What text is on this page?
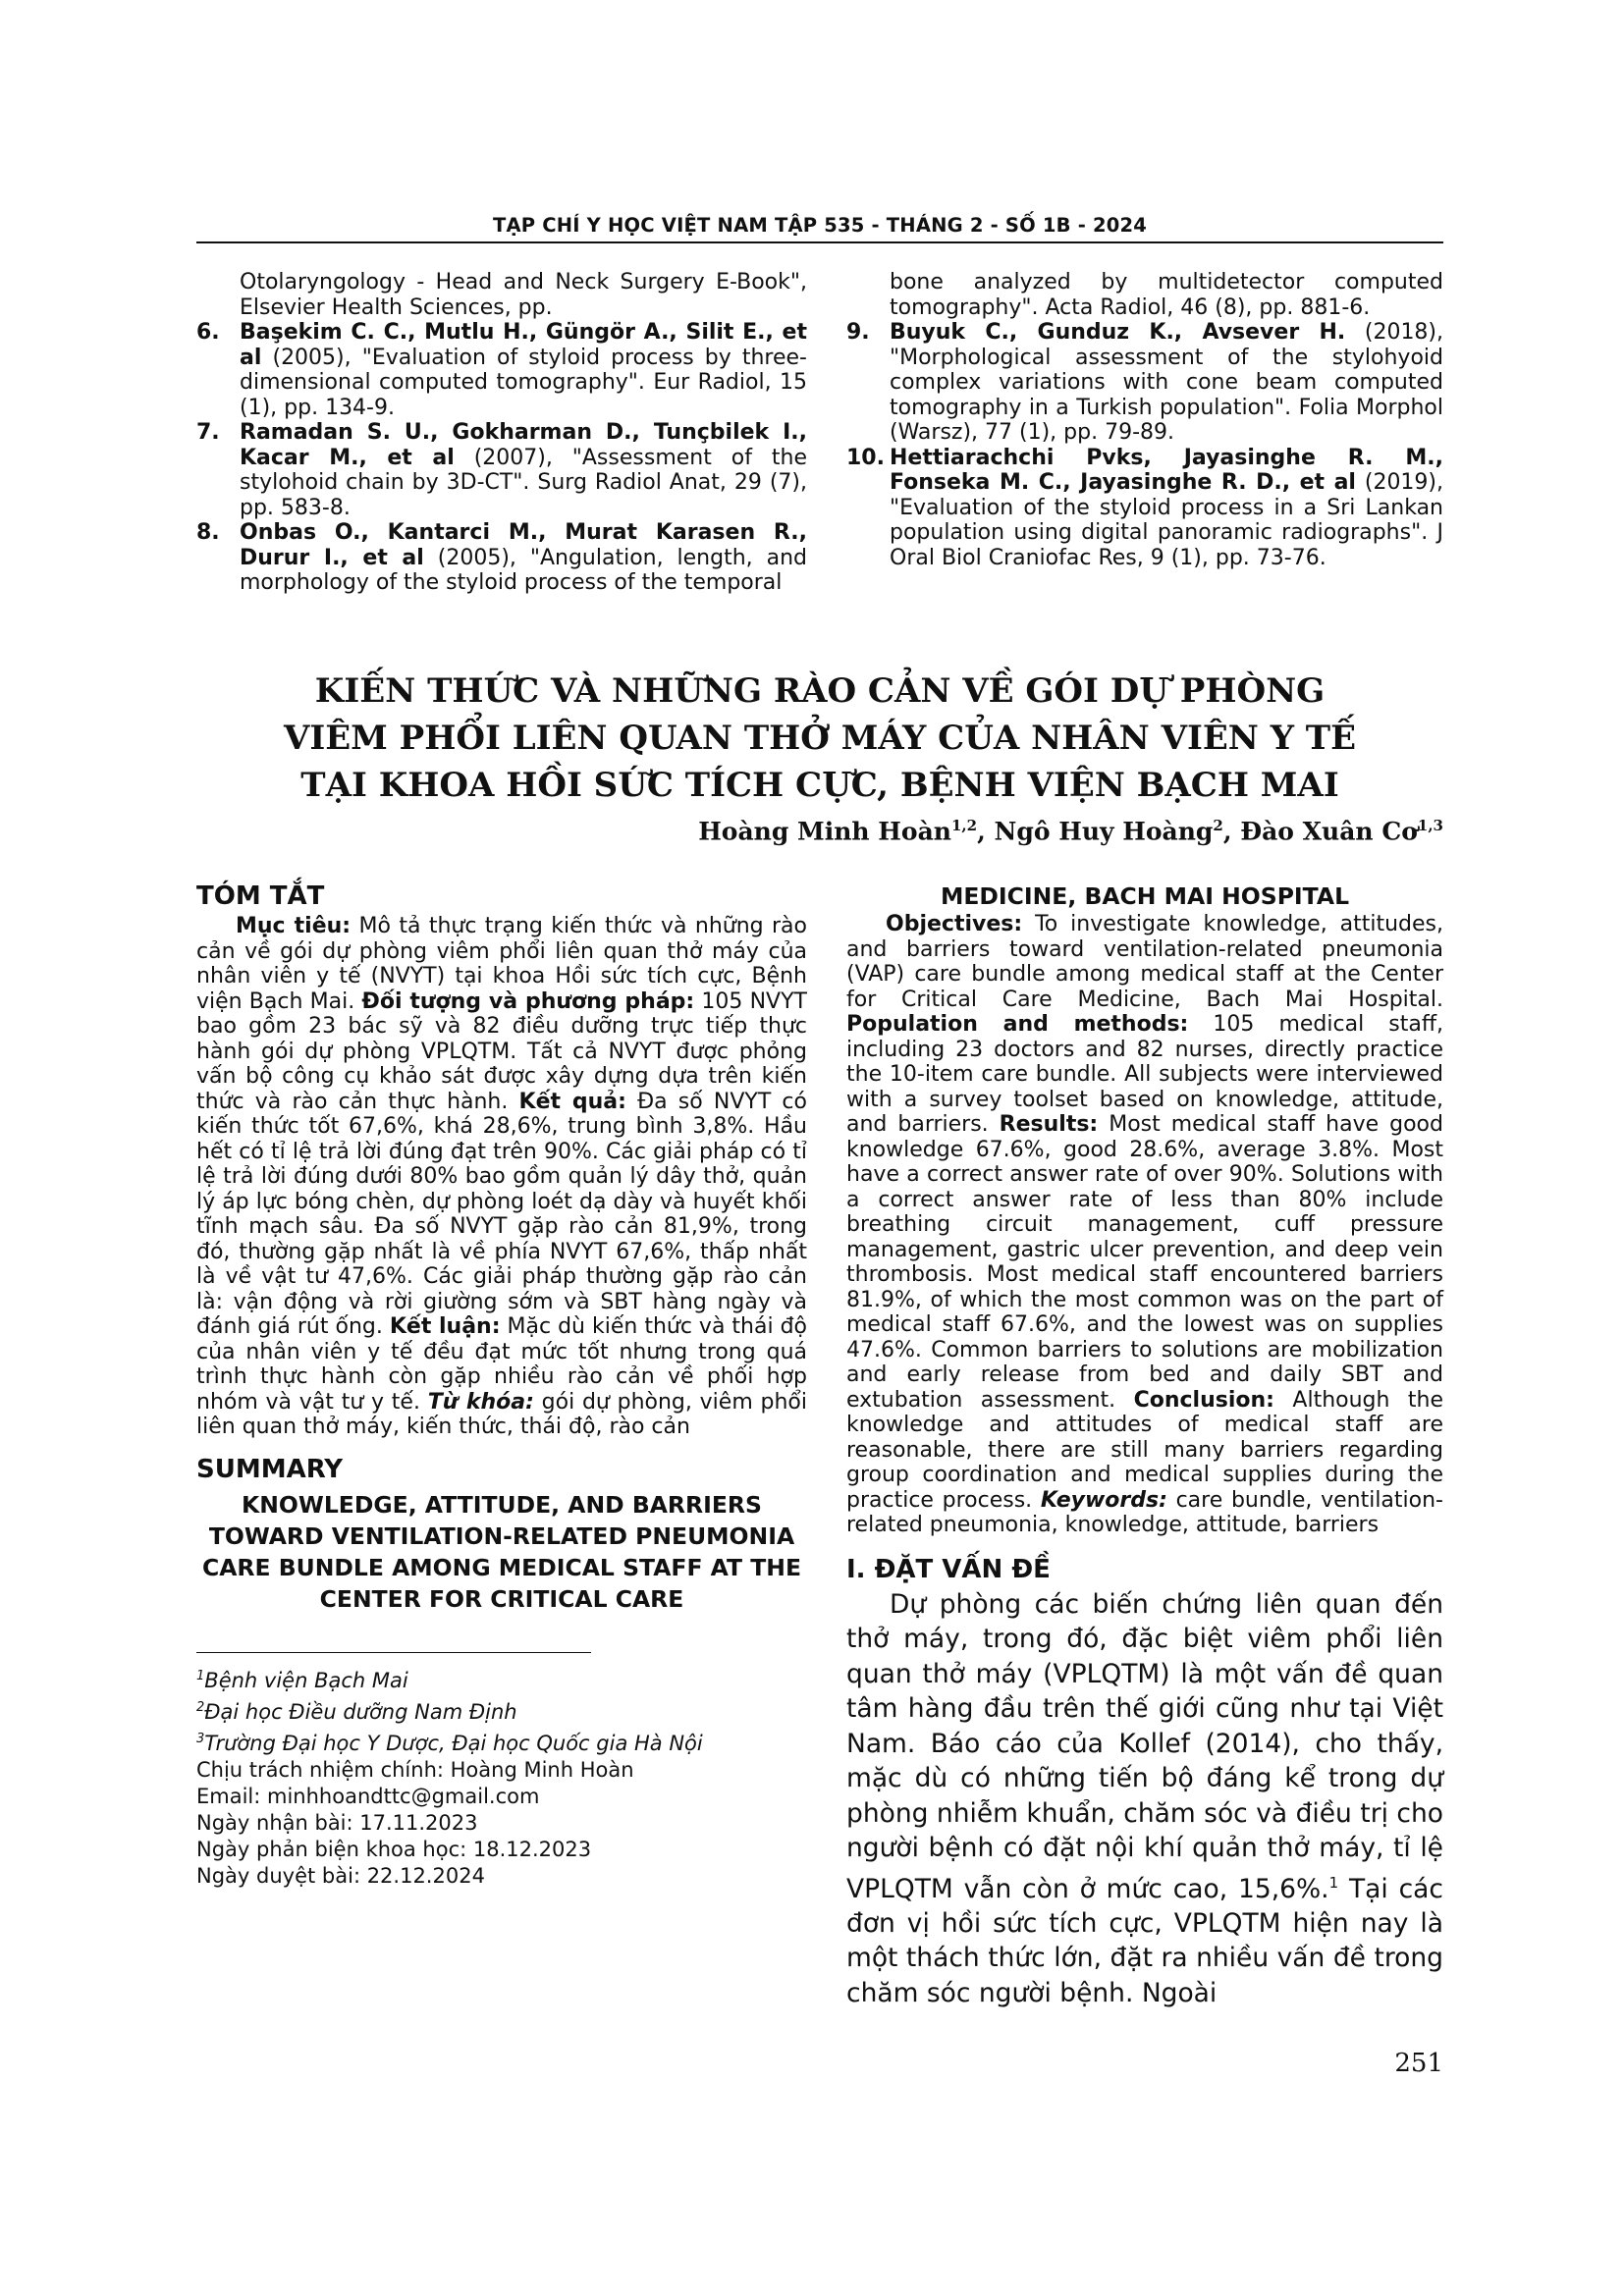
TẠP CHÍ Y HỌC VIỆT NAM TẬP 535 - THÁNG 2 - SỐ 1B - 2024
Otolaryngology - Head and Neck Surgery E-Book", Elsevier Health Sciences, pp.
6. Başekim C. C., Mutlu H., Güngör A., Silit E., et al (2005), "Evaluation of styloid process by three-dimensional computed tomography". Eur Radiol, 15 (1), pp. 134-9.
7. Ramadan S. U., Gokharman D., Tunçbilek I., Kacar M., et al (2007), "Assessment of the stylohoid chain by 3D-CT". Surg Radiol Anat, 29 (7), pp. 583-8.
8. Onbas O., Kantarci M., Murat Karasen R., Durur I., et al (2005), "Angulation, length, and morphology of the styloid process of the temporal
bone analyzed by multidetector computed tomography". Acta Radiol, 46 (8), pp. 881-6.
9. Buyuk C., Gunduz K., Avsever H. (2018), "Morphological assessment of the stylohyoid complex variations with cone beam computed tomography in a Turkish population". Folia Morphol (Warsz), 77 (1), pp. 79-89.
10. Hettiarachchi Pvks, Jayasinghe R. M., Fonseka M. C., Jayasinghe R. D., et al (2019), "Evaluation of the styloid process in a Sri Lankan population using digital panoramic radiographs". J Oral Biol Craniofac Res, 9 (1), pp. 73-76.
KIẾN THỨC VÀ NHỮNG RÀO CẢN VỀ GÓI DỰ PHÒNG
VIÊM PHỔI LIÊN QUAN THỞ MÁY CỦA NHÂN VIÊN Y TẾ
TẠI KHOA HỒI SỨC TÍCH CỰC, BỆNH VIỆN BẠCH MAI
Hoàng Minh Hoàn$^{1,2}$, Ngô Huy Hoàng$^2$, Đào Xuân Cơ$^{1,3}$
TÓM TẮT
Mục tiêu: Mô tả thực trạng kiến thức và những rào cản về gói dự phòng viêm phổi liên quan thở máy của nhân viên y tế (NVYT) tại khoa Hồi sức tích cực, Bệnh viện Bạch Mai. Đối tượng và phương pháp: 105 NVYT bao gồm 23 bác sỹ và 82 điều dưỡng trực tiếp thực hành gói dự phòng VPLQTM. Tất cả NVYT được phỏng vấn bộ công cụ khảo sát được xây dựng dựa trên kiến thức và rào cản thực hành. Kết quả: Đa số NVYT có kiến thức tốt 67,6%, khá 28,6%, trung bình 3,8%. Hầu hết có tỉ lệ trả lời đúng đạt trên 90%. Các giải pháp có tỉ lệ trả lời đúng dưới 80% bao gồm quản lý dây thở, quản lý áp lực bóng chèn, dự phòng loét dạ dày và huyết khối tĩnh mạch sâu. Đa số NVYT gặp rào cản 81,9%, trong đó, thường gặp nhất là về phía NVYT 67,6%, thấp nhất là về vật tư 47,6%. Các giải pháp thường gặp rào cản là: vận động và rời giường sớm và SBT hàng ngày và đánh giá rút ống. Kết luận: Mặc dù kiến thức và thái độ của nhân viên y tế đều đạt mức tốt nhưng trong quá trình thực hành còn gặp nhiều rào cản về phối hợp nhóm và vật tư y tế. Từ khóa: gói dự phòng, viêm phổi liên quan thở máy, kiến thức, thái độ, rào cản
SUMMARY
KNOWLEDGE, ATTITUDE, AND BARRIERS TOWARD VENTILATION-RELATED PNEUMONIA CARE BUNDLE AMONG MEDICAL STAFF AT THE CENTER FOR CRITICAL CARE
$^1$Bệnh viện Bạch Mai
$^2$Đại học Điều dưỡng Nam Định
$^3$Trường Đại học Y Dược, Đại học Quốc gia Hà Nội
Chịu trách nhiệm chính: Hoàng Minh Hoàn
Email: minhhoandttc@gmail.com
Ngày nhận bài: 17.11.2023
Ngày phản biện khoa học: 18.12.2023
Ngày duyệt bài: 22.12.2024
MEDICINE, BACH MAI HOSPITAL
Objectives: To investigate knowledge, attitudes, and barriers toward ventilation-related pneumonia (VAP) care bundle among medical staff at the Center for Critical Care Medicine, Bach Mai Hospital. Population and methods: 105 medical staff, including 23 doctors and 82 nurses, directly practice the 10-item care bundle. All subjects were interviewed with a survey toolset based on knowledge, attitude, and barriers. Results: Most medical staff have good knowledge 67.6%, good 28.6%, average 3.8%. Most have a correct answer rate of over 90%. Solutions with a correct answer rate of less than 80% include breathing circuit management, cuff pressure management, gastric ulcer prevention, and deep vein thrombosis. Most medical staff encountered barriers 81.9%, of which the most common was on the part of medical staff 67.6%, and the lowest was on supplies 47.6%. Common barriers to solutions are mobilization and early release from bed and daily SBT and extubation assessment. Conclusion: Although the knowledge and attitudes of medical staff are reasonable, there are still many barriers regarding group coordination and medical supplies during the practice process. Keywords: care bundle, ventilation-related pneumonia, knowledge, attitude, barriers
I. ĐẶT VẤN ĐỀ
Dự phòng các biến chứng liên quan đến thở máy, trong đó, đặc biệt viêm phổi liên quan thở máy (VPLQTM) là một vấn đề quan tâm hàng đầu trên thế giới cũng như tại Việt Nam. Báo cáo của Kollef (2014), cho thấy, mặc dù có những tiến bộ đáng kể trong dự phòng nhiễm khuẩn, chăm sóc và điều trị cho người bệnh có đặt nội khí quản thở máy, tỉ lệ VPLQTM vẫn còn ở mức cao, 15,6%.$^1$ Tại các đơn vị hồi sức tích cực, VPLQTM hiện nay là một thách thức lớn, đặt ra nhiều vấn đề trong chăm sóc người bệnh. Ngoài
251
